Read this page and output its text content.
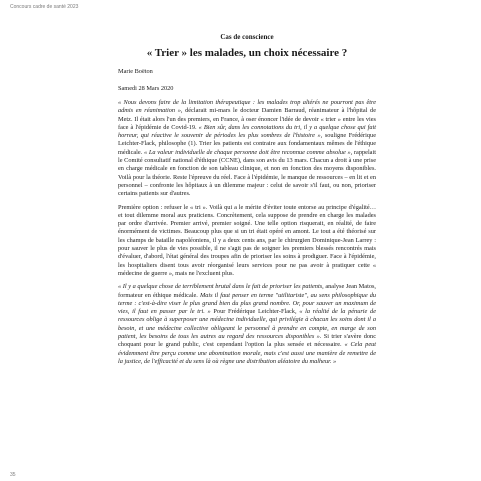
Concours cadre de santé 2023

Cas de conscience

« Trier » les malades, un choix nécessaire ?

Marie Boëton

Samedi 28 Mars 2020

« Nous devons faire de la limitation thérapeutique : les malades trop altérés ne pourront pas être admis en réanimation », déclarait mi-mars le docteur Damien Barraud, réanimateur à l'hôpital de Metz. Il était alors l'un des premiers, en France, à oser énoncer l'idée de devoir « trier » entre les vies face à l'épidémie de Covid-19. « Bien sûr, dans les connotations du tri, il y a quelque chose qui fait horreur, qui réactive le souvenir de périodes les plus sombres de l'histoire », souligne Frédérique Leichter-Flack, philosophe (1). Trier les patients est contraire aux fondamentaux mêmes de l'éthique médicale. « La valeur individuelle de chaque personne doit être reconnue comme absolue », rappelait le Comité consultatif national d'éthique (CCNE), dans son avis du 13 mars. Chacun a droit à une prise en charge médicale en fonction de son tableau clinique, et non en fonction des moyens disponibles. Voilà pour la théorie. Reste l'épreuve du réel. Face à l'épidémie, le manque de ressources – en lit et en personnel – confronte les hôpitaux à un dilemme majeur : celui de savoir s'il faut, ou non, prioriser certains patients sur d'autres.

Première option : refuser le « tri ». Voilà qui a le mérite d'éviter toute entorse au principe d'égalité… et tout dilemme moral aux praticiens. Concrètement, cela suppose de prendre en charge les malades par ordre d'arrivée. Premier arrivé, premier soigné. Une telle option risquerait, en réalité, de faire énormément de victimes. Beaucoup plus que si un tri était opéré en amont. Le tout a été théorisé sur les champs de bataille napoléoniens, il y a deux cents ans, par le chirurgien Dominique-Jean Larrey : pour sauver le plus de vies possible, il ne s'agit pas de soigner les premiers blessés rencontrés mais d'évaluer, d'abord, l'état général des troupes afin de prioriser les soins à prodiguer. Face à l'épidémie, les hospitaliers disent tous avoir réorganisé leurs services pour ne pas avoir à pratiquer cette « médecine de guerre », mais ne l'excluent plus.

« Il y a quelque chose de terriblement brutal dans le fait de prioriser les patients, analyse Jean Matos, formateur en éthique médicale. Mais il faut penser en terme "utilitariste", au sens philosophique du terme : c'est-à-dire viser le plus grand bien du plus grand nombre. Or, pour sauver un maximum de vies, il faut en passer par le tri. » Pour Frédérique Leichter-Flack, « la réalité de la pénurie de ressources oblige à superposer une médecine individuelle, qui privilégie à chacun les soins dont il a besoin, et une médecine collective obligeant le personnel à prendre en compte, en marge de son patient, les besoins de tous les autres au regard des ressources disponibles ». Si trier s'avère donc choquant pour le grand public, c'est cependant l'option la plus sensée et nécessaire. « Cela peut évidemment être perçu comme une abomination morale, mais c'est aussi une manière de remettre de la justice, de l'efficacité et du sens là où règne une distribution aléatoire du malheur. »

35
